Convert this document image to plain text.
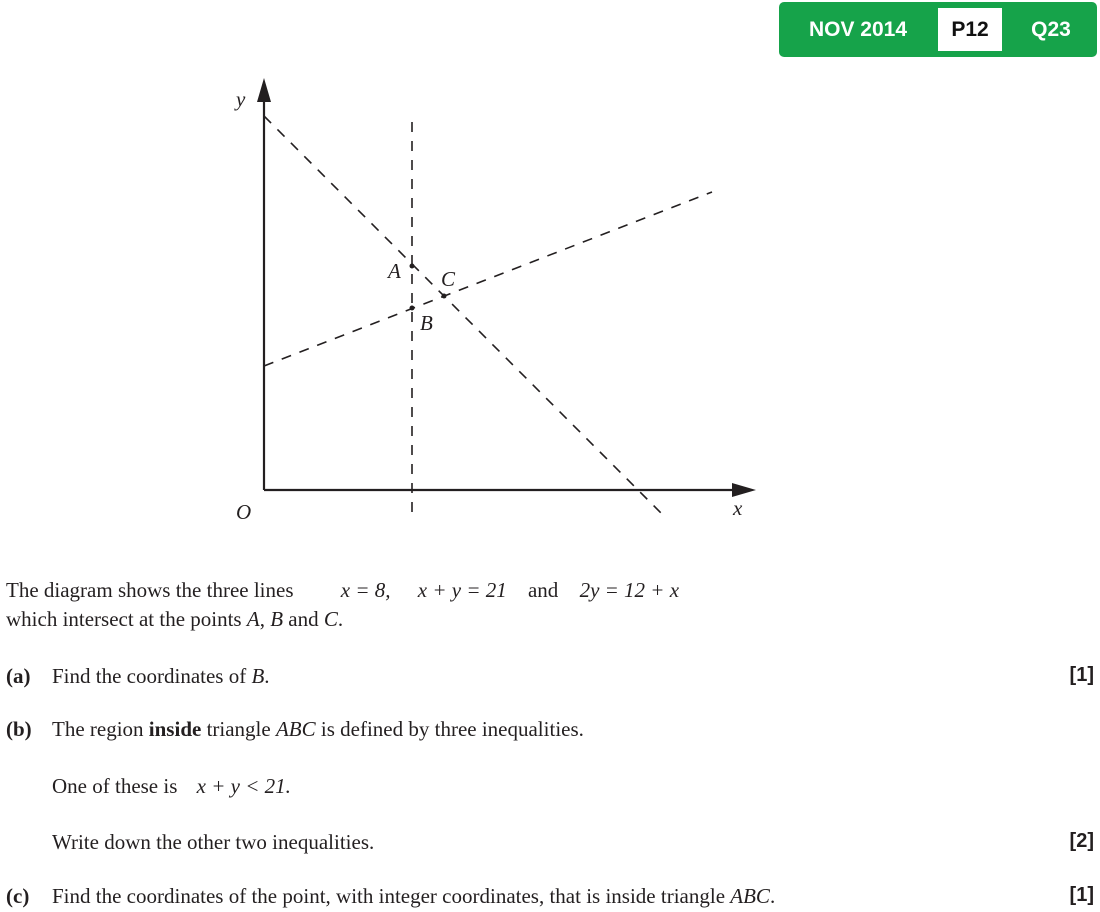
NOV 2014	P12	Q23
y
x
O
A
B
C
The diagram shows the three lines x = 8, x + y = 21 and 2y = 12 + x
which intersect at the points A, B and C.
(a) Find the coordinates of B.	[1]
(b) The region inside triangle ABC is defined by three inequalities.
One of these is x + y < 21.
Write down the other two inequalities.	[2]
(c) Find the coordinates of the point, with integer coordinates, that is inside triangle ABC.	[1]
